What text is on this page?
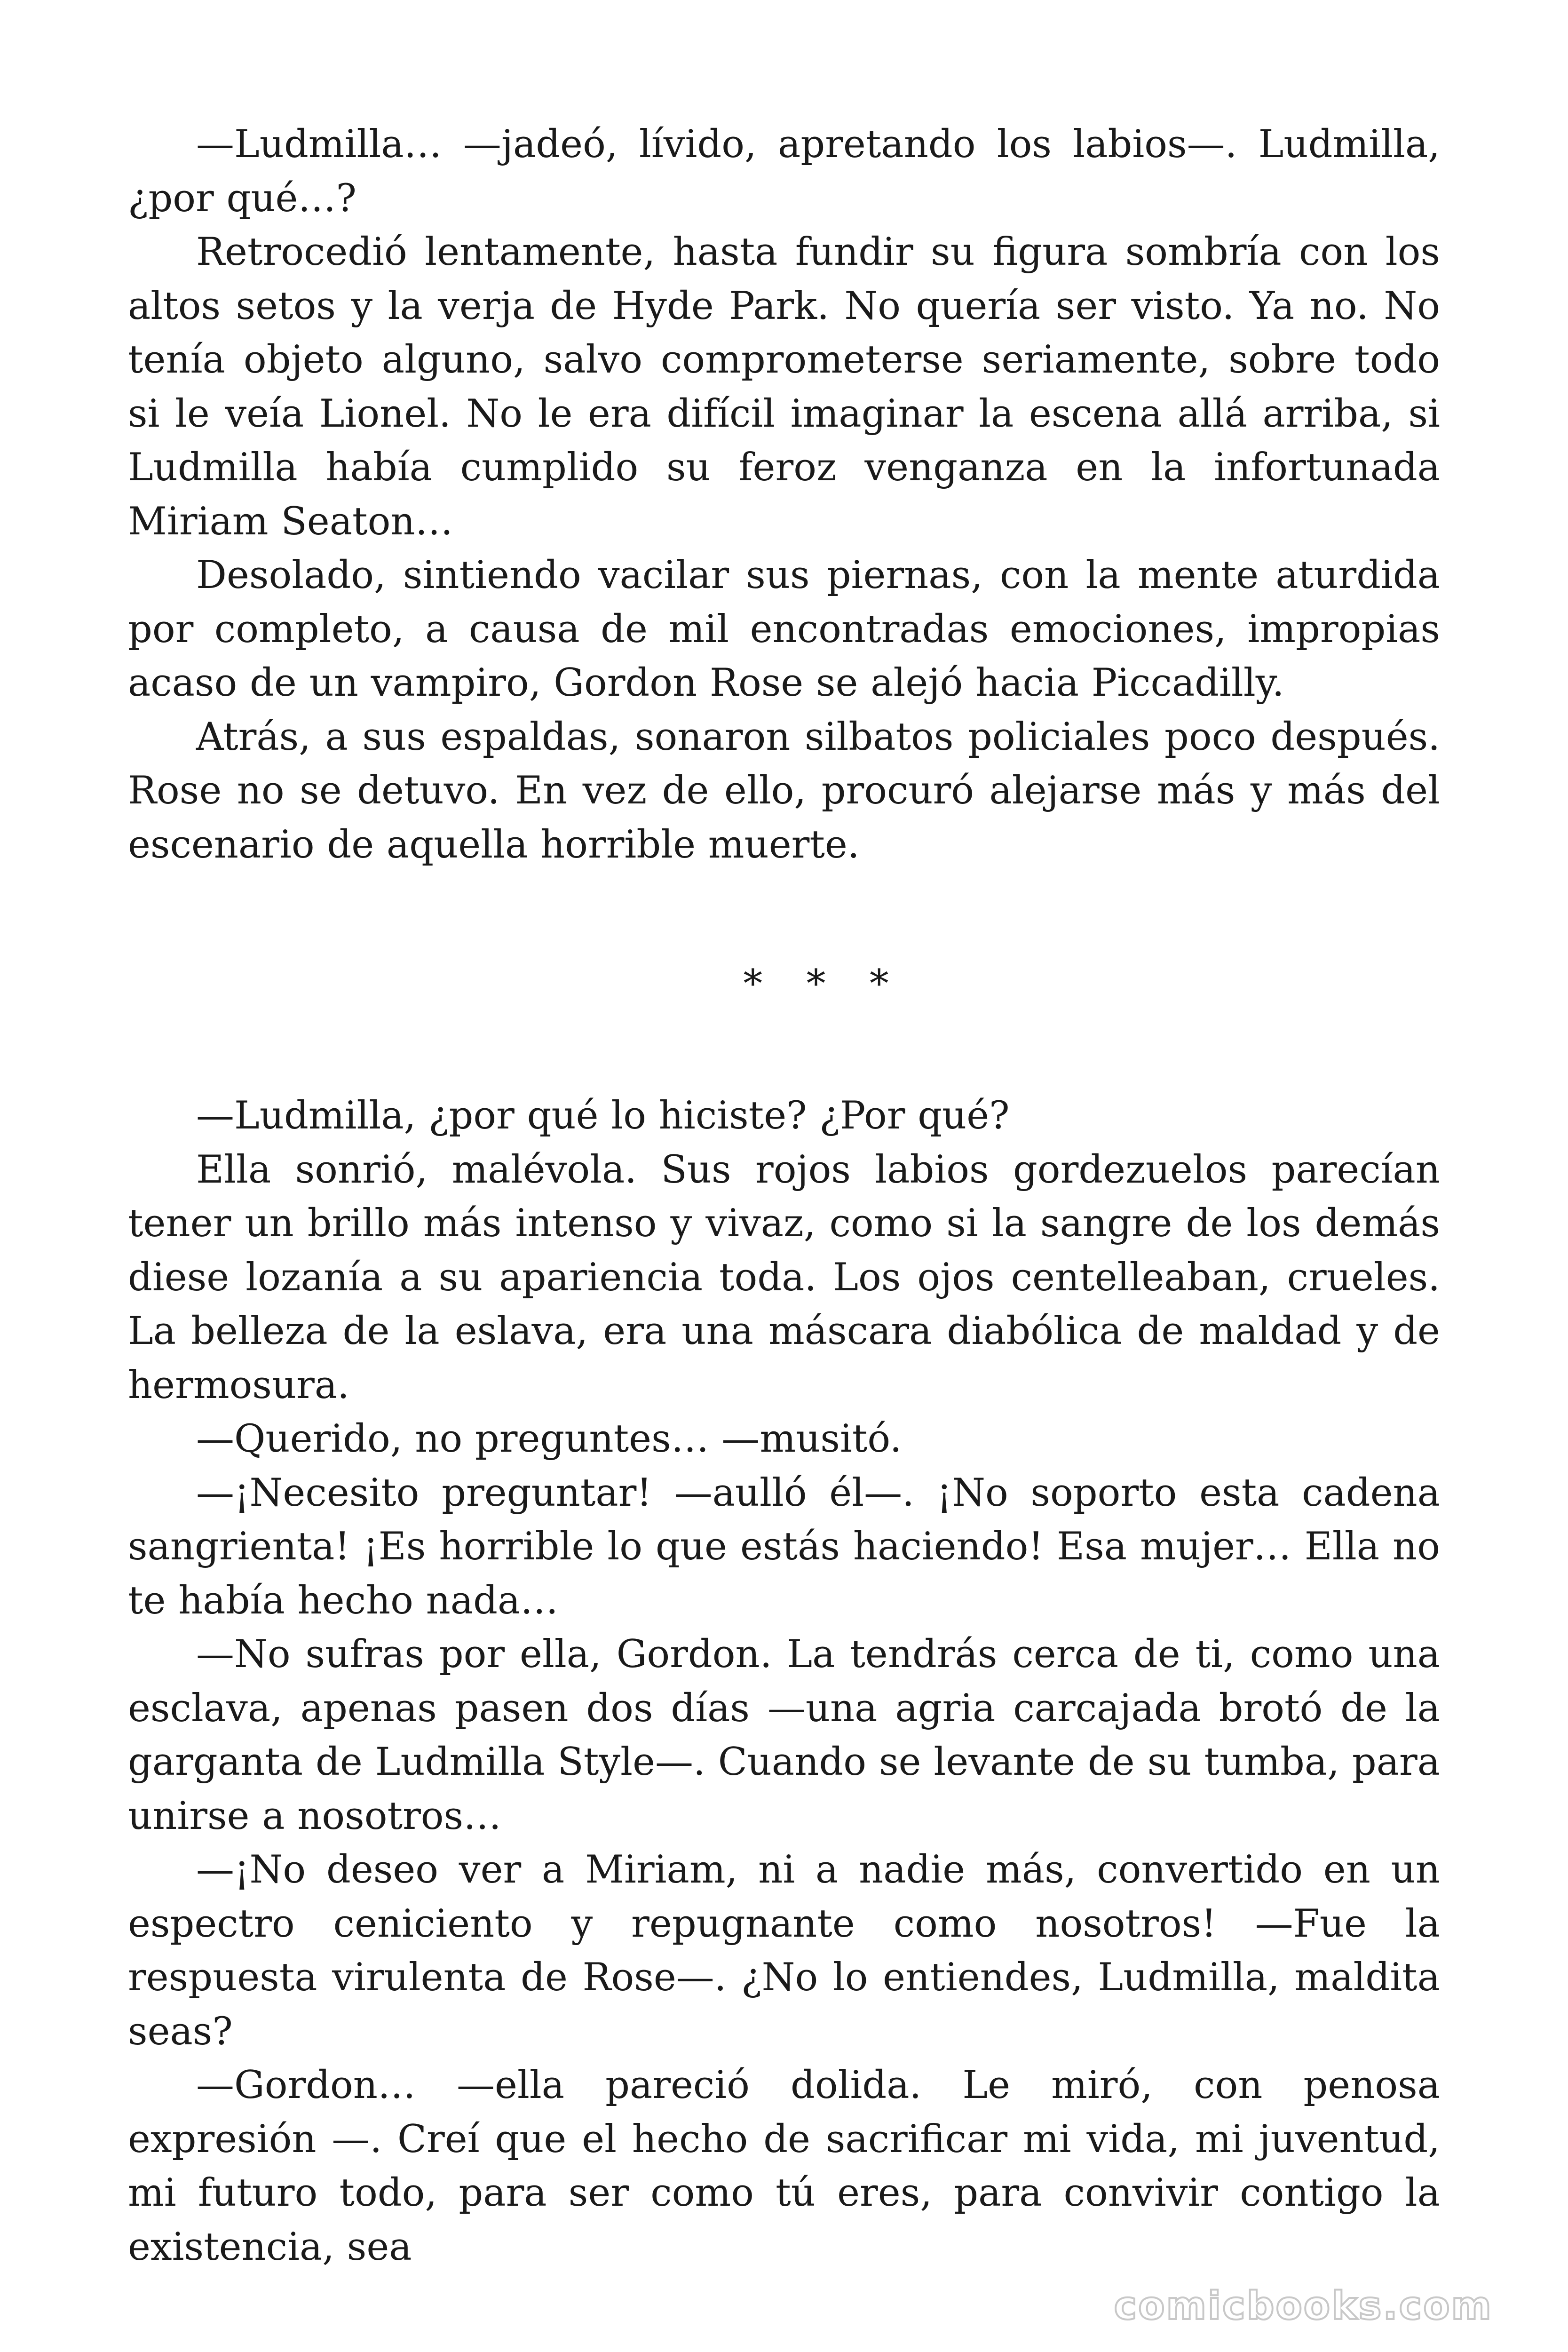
—Ludmilla… —jadeó, lívido, apretando los labios—. Ludmilla, ¿por qué…?

Retrocedió lentamente, hasta fundir su figura sombría con los altos setos y la verja de Hyde Park. No quería ser visto. Ya no. No tenía objeto alguno, salvo comprometerse seriamente, sobre todo si le veía Lionel. No le era difícil imaginar la escena allá arriba, si Ludmilla había cumplido su feroz venganza en la infortunada Miriam Seaton…

Desolado, sintiendo vacilar sus piernas, con la mente aturdida por completo, a causa de mil encontradas emociones, impropias acaso de un vampiro, Gordon Rose se alejó hacia Piccadilly.

Atrás, a sus espaldas, sonaron silbatos policiales poco después. Rose no se detuvo. En vez de ello, procuró alejarse más y más del escenario de aquella horrible muerte.

* * *

—Ludmilla, ¿por qué lo hiciste? ¿Por qué?

Ella sonrió, malévola. Sus rojos labios gordezuelos parecían tener un brillo más intenso y vivaz, como si la sangre de los demás diese lozanía a su apariencia toda. Los ojos centelleaban, crueles. La belleza de la eslava, era una máscara diabólica de maldad y de hermosura.

—Querido, no preguntes… —musitó.

—¡Necesito preguntar! —aulló él—. ¡No soporto esta cadena sangrienta! ¡Es horrible lo que estás haciendo! Esa mujer… Ella no te había hecho nada…

—No sufras por ella, Gordon. La tendrás cerca de ti, como una esclava, apenas pasen dos días —una agria carcajada brotó de la garganta de Ludmilla Style—. Cuando se levante de su tumba, para unirse a nosotros…

—¡No deseo ver a Miriam, ni a nadie más, convertido en un espectro ceniciento y repugnante como nosotros! —Fue la respuesta virulenta de Rose—. ¿No lo entiendes, Ludmilla, maldita seas?

—Gordon… —ella pareció dolida. Le miró, con penosa expresión —. Creí que el hecho de sacrificar mi vida, mi juventud, mi futuro todo, para ser como tú eres, para convivir contigo la existencia, sea

comicbooks.com
